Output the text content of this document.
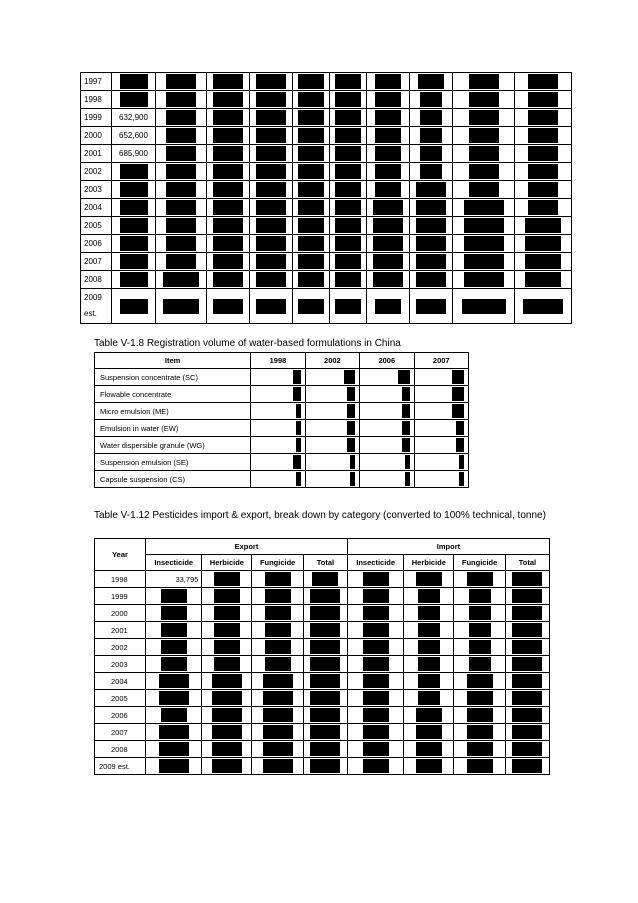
1997										
1998										
1999	632,900									
2000	652,600									
2001	685,900									
2002										
2003										
2004										
2005										
2006										
2007										
2008										
2009 est.										
Table V-1.8 Registration volume of water-based formulations in China
Item	1998	2002	2006	2007
Suspension concentrate (SC)				
Flowable concentrate				
Micro emulsion (ME)				
Emulsion in water (EW)				
Water dispersible granule (WG)				
Suspension emulsion (SE)				
Capsule suspension (CS)				
Table V-1.12 Pesticides import & export, break down by category (converted to 100% technical, tonne)
Year	Export				Import			
	Insecticide	Herbicide	Fungicide	Total	Insecticide	Herbicide	Fungicide	Total
1998	33,795							
1999								
2000								
2001								
2002								
2003								
2004								
2005								
2006								
2007								
2008								
2009 est.								
